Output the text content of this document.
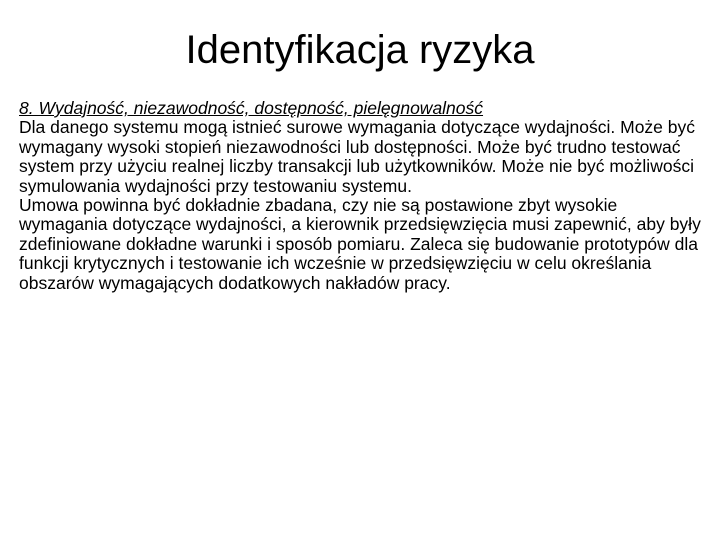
Identyfikacja ryzyka

8. Wydajność, niezawodność, dostępność, pielęgnowalność

Dla danego systemu mogą istnieć surowe wymagania dotyczące wydajności. Może być wymagany wysoki stopień niezawodności lub dostępności. Może być trudno testować system przy użyciu realnej liczby transakcji lub użytkowników. Może nie być możliwości symulowania wydajności przy testowaniu systemu.

Umowa powinna być dokładnie zbadana, czy nie są postawione zbyt wysokie wymagania dotyczące wydajności, a kierownik przedsięwzięcia musi zapewnić, aby były zdefiniowane dokładne warunki i sposób pomiaru. Zaleca się budowanie prototypów dla funkcji krytycznych i testowanie ich wcześnie w przedsięwzięciu w celu określania obszarów wymagających dodatkowych nakładów pracy.
